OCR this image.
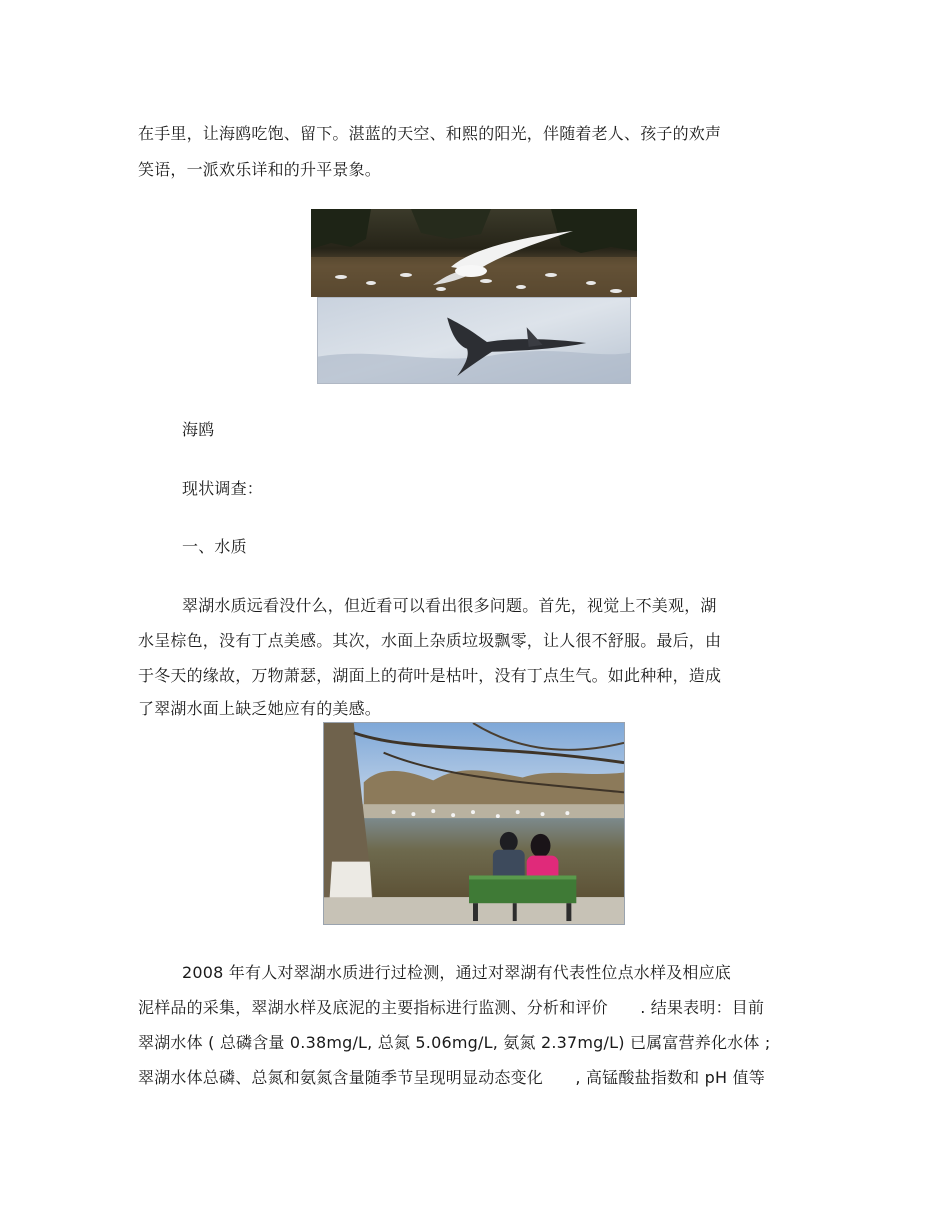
在手里，让海鸥吃饱、留下。湛蓝的天空、和熙的阳光，伴随着老人、孩子的欢声
笑语，一派欢乐详和的升平景象。
海鸥
现状调查：
一、水质
翠湖水质远看没什么，但近看可以看出很多问题。首先，视觉上不美观，湖
水呈棕色，没有丁点美感。其次，水面上杂质垃圾飘零，让人很不舒服。最后，由
于冬天的缘故，万物萧瑟，湖面上的荷叶是枯叶，没有丁点生气。如此种种，造成
了翠湖水面上缺乏她应有的美感。
2008 年有人对翠湖水质进行过检测，通过对翠湖有代表性位点水样及相应底
泥样品的采集，翠湖水样及底泥的主要指标进行监测、分析和评价　　. 结果表明：目前
翠湖水体 ( 总磷含量 0.38mg/L, 总氮 5.06mg/L, 氨氮 2.37mg/L) 已属富营养化水体 ;
翠湖水体总磷、总氮和氨氮含量随季节呈现明显动态变化　　, 高锰酸盐指数和 pH 值等
